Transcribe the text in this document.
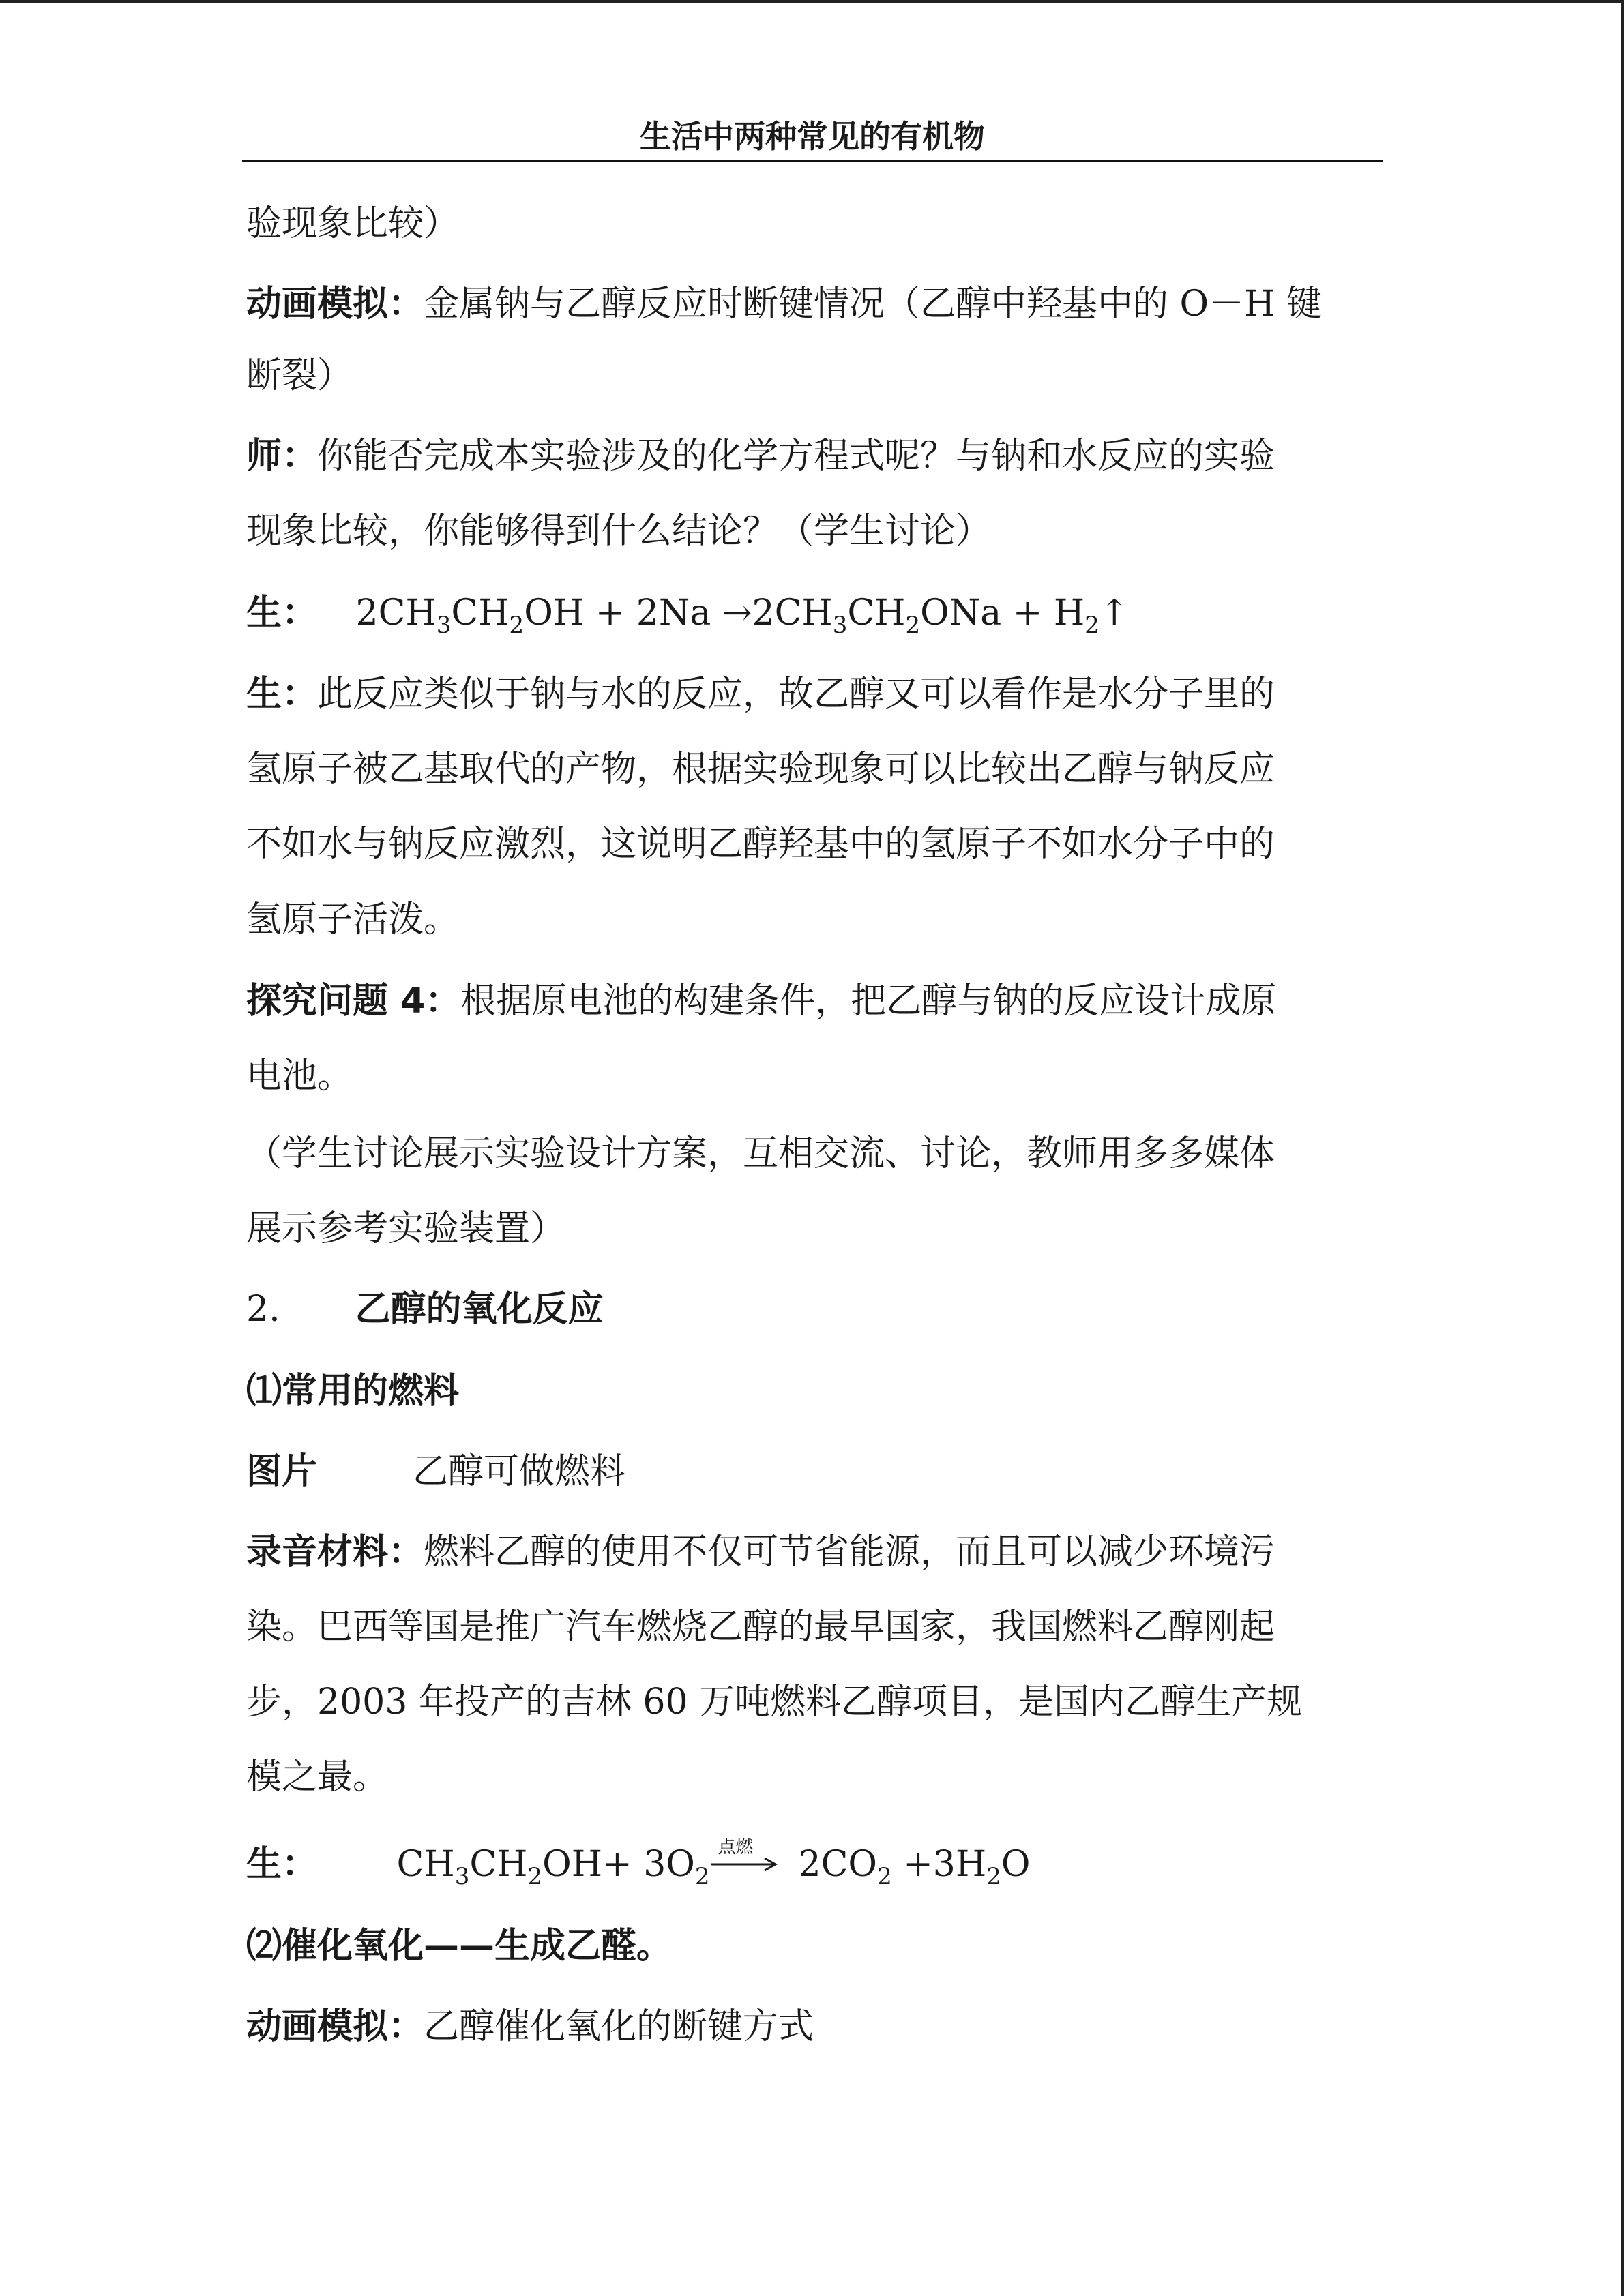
生活中两种常见的有机物
验现象比较）
动画模拟：金属钠与乙醇反应时断键情况（乙醇中羟基中的 O－H 键
断裂）
师：你能否完成本实验涉及的化学方程式呢？与钠和水反应的实验
现象比较，你能够得到什么结论？（学生讨论）
生： $2CH_3CH_2OH + 2Na \to 2CH_3CH_2ONa$ + $H_2↑$
生：此反应类似于钠与水的反应，故乙醇又可以看作是水分子里的
氢原子被乙基取代的产物，根据实验现象可以比较出乙醇与钠反应
不如水与钠反应激烈，这说明乙醇羟基中的氢原子不如水分子中的
氢原子活泼。
探究问题 4：根据原电池的构建条件，把乙醇与钠的反应设计成原
电池。
（学生讨论展示实验设计方案，互相交流、讨论，教师用多多媒体
展示参考实验装置）
2. 乙醇的氧化反应
⑴常用的燃料
图片	乙醇可做燃料
录音材料：燃料乙醇的使用不仅可节省能源，而且可以减少环境污
染。巴西等国是推广汽车燃烧乙醇的最早国家，我国燃料乙醇刚起
步，2003 年投产的吉林 60 万吨燃料乙醇项目，是国内乙醇生产规
模之最。
生： $CH_3CH_2OH+ 3O_2$
点燃 $2CO_2 +3H_2O$
⑵催化氧化——生成乙醛。
动画模拟：乙醇催化氧化的断键方式
